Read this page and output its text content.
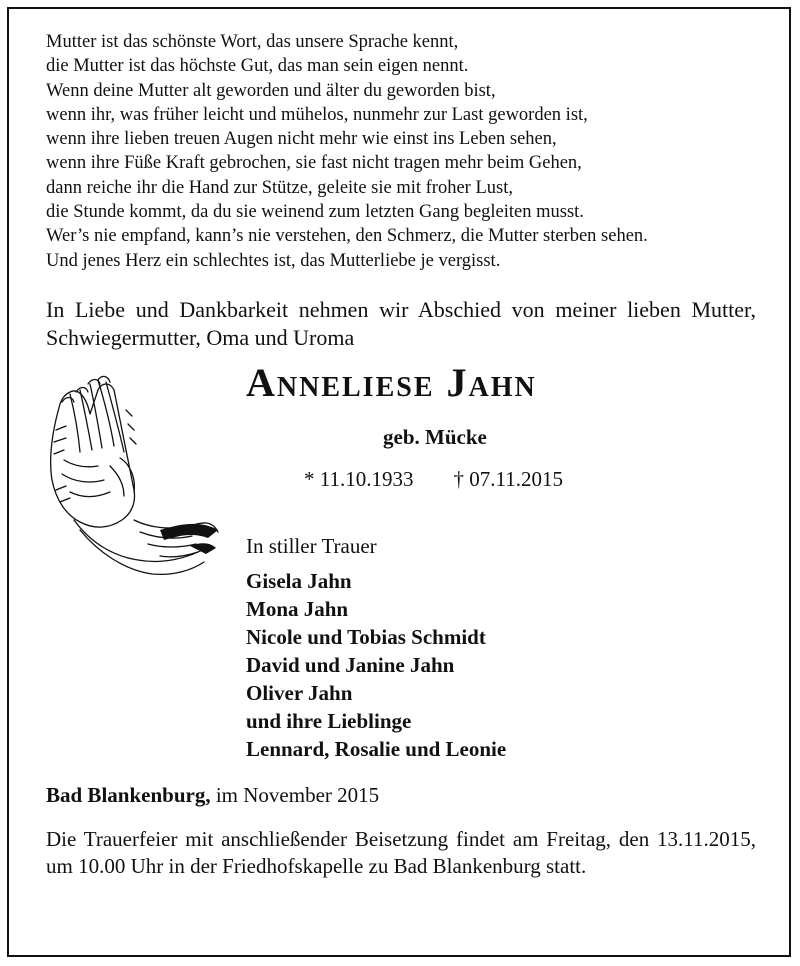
Mutter ist das schönste Wort, das unsere Sprache kennt,
die Mutter ist das höchste Gut, das man sein eigen nennt.
Wenn deine Mutter alt geworden und älter du geworden bist,
wenn ihr, was früher leicht und mühelos, nunmehr zur Last geworden ist,
wenn ihre lieben treuen Augen nicht mehr wie einst ins Leben sehen,
wenn ihre Füße Kraft gebrochen, sie fast nicht tragen mehr beim Gehen,
dann reiche ihr die Hand zur Stütze, geleite sie mit froher Lust,
die Stunde kommt, da du sie weinend zum letzten Gang begleiten musst.
Wer’s nie empfand, kann’s nie verstehen, den Schmerz, die Mutter sterben sehen.
Und jenes Herz ein schlechtes ist, das Mutterliebe je vergisst.
In Liebe und Dankbarkeit nehmen wir Abschied von meiner lieben Mutter, Schwiegermutter, Oma und Uroma
Anneliese Jahn
geb. Mücke
* 11.10.1933 † 07.11.2015
In stiller Trauer
Gisela Jahn
Mona Jahn
Nicole und Tobias Schmidt
David und Janine Jahn
Oliver Jahn
und ihre Lieblinge
Lennard, Rosalie und Leonie
Bad Blankenburg, im November 2015
Die Trauerfeier mit anschließender Beisetzung findet am Freitag, den 13.11.2015, um 10.00 Uhr in der Friedhofskapelle zu Bad Blankenburg statt.
